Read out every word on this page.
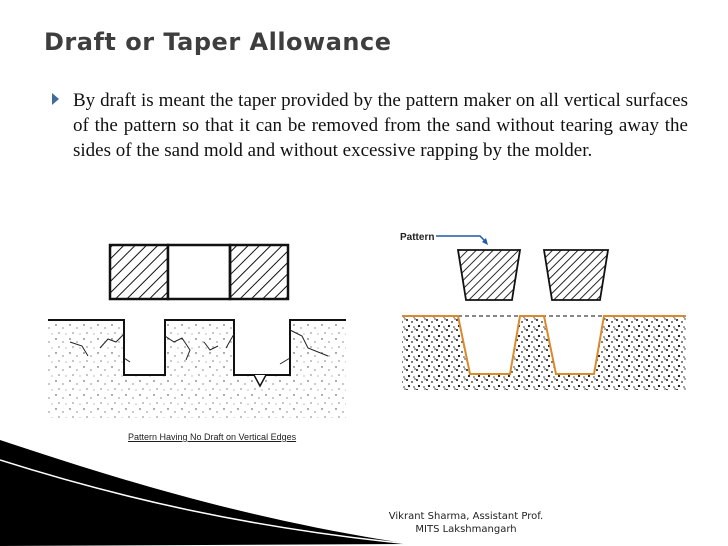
Draft or Taper Allowance

By draft is meant the taper provided by the pattern maker on all vertical surfaces of the pattern so that it can be removed from the sand without tearing away the sides of the sand mold and without excessive rapping by the molder.

Pattern Having No Draft on Vertical Edges
Pattern
Vikrant Sharma, Assistant Prof.
MITS Lakshmangarh
